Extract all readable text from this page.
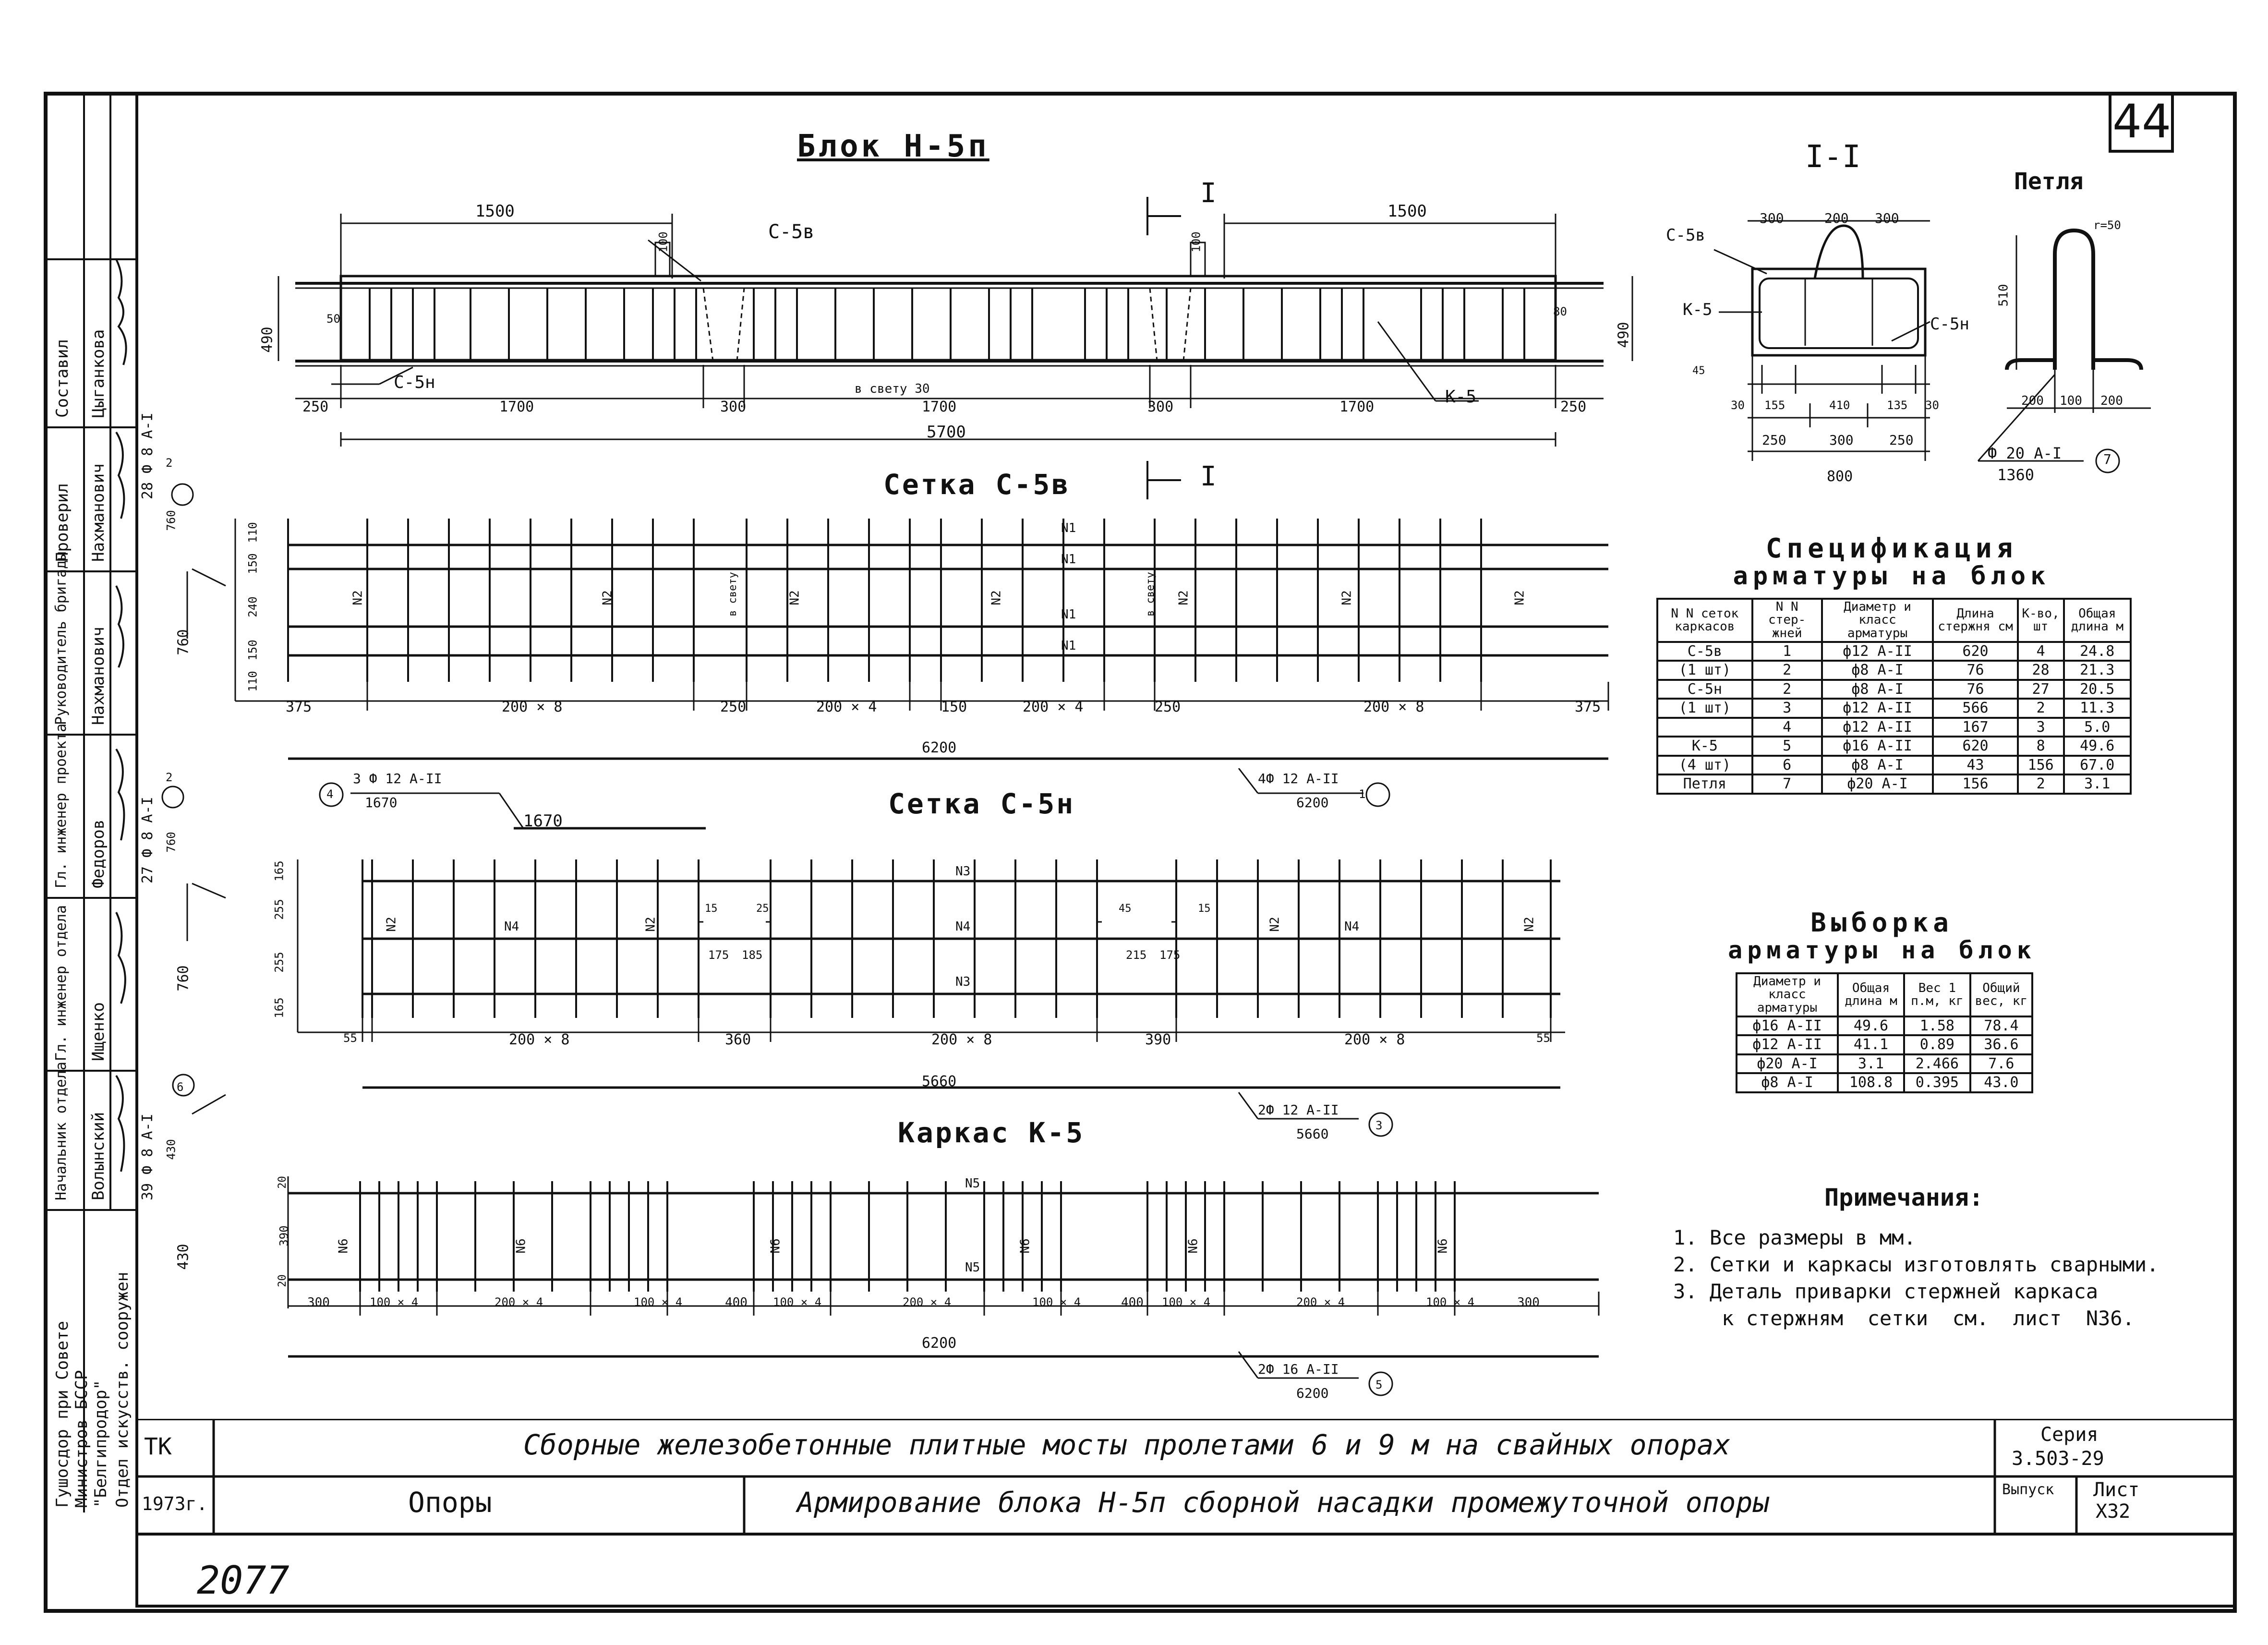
44
Гушосдор при Совете Министров БССР "Белгипродор" Отдел искусств. сооружен
Начальник отдела Волынский
Гл. инженер отдела Ищенко
Гл. инженер проекта Федоров
Руководитель бригады Нахманович
Проверил Нахманович
Составил Цыганкова
Блок Н-5п
1500	1500
С-5в
С-5н
К-5
490	490
100	100
50
80
250	1700	300	1700	300	1700	250
в свету 30
5700
I
I
I-I
С-5в
К-5
С-5н
300	200 300
30 155	410	135 30
250	300	250
800
45
Петля
r=50
510
200 100 200
Ф 20 А-I	7
1360
Сетка С-5в
N1
N1
N1
N1
N2	N2	N2	N2	N2	N2	N2
в свету	в свету
375	200 × 8	250	200 × 4	150	200 × 4	250	200 × 8	375
110
150
240
150
110
6200
28 Ф 8 А-I 2
760
760
4Ф 12 А-II
1
6200
4
3 Ф 12 А-II
1670
1670
Сетка С-5н
N3
N4
N3
N2	N4	N4
N2	N2	N2
55	200 × 8	360	200 × 8	390	200 × 8	55
175 185	215 175
15	25	45	15
165
255
255
165
5660
27 Ф 8 А-I
2
760
760
2Ф 12 А-II
3
5660
Каркас К-5
N5
N5
N6	N6	N6	N6	N6	N6
300	100 × 4	200 × 4	100 × 4	400 100 × 4	200 × 4	100 × 4	400 100 × 4	200 × 4	100 × 4	300
20
390
20
6200
39 Ф 8 А-I
6
430
430
2Ф 16 А-II
5
6200
Спецификация
арматуры на блок
N N сеток каркасов	N N стер- жней	Диаметр и класс арматуры	Длина стержня см	К-во, шт	Общая длина м
С-5в	1	ф12 А-II	620	4	24.8
(1 шт)	2	ф8 А-I	76	28	21.3
С-5н	2	ф8 А-I	76	27	20.5
(1 шт)	3	ф12 А-II	566	2	11.3
	4	ф12 А-II	167	3	5.0
К-5	5	ф16 А-II	620	8	49.6
(4 шт)	6	ф8 А-I	43	156	67.0
Петля	7	ф20 А-I	156	2	3.1
Выборка
арматуры на блок
Диаметр и класс арматуры	Общая длина м	Вес 1 п.м, кг	Общий вес, кг
ф16 А-II	49.6	1.58	78.4
ф12 А-II	41.1	0.89	36.6
ф20 А-I	3.1	2.466	7.6
ф8 А-I	108.8	0.395	43.0
Примечания:
1. Все размеры в мм.
2. Сетки и каркасы изготовлять сварными.
3. Деталь приварки стержней каркаса
к стержням  сетки  см.  лист  N36.
ТК
1973г.
Сборные железобетонные плитные мосты пролетами 6 и 9 м на свайных опорах
Опоры	Армирование блока Н-5п сборной насадки промежуточной опоры
Серия
3.503-29
Выпуск Лист
Х32
2077
